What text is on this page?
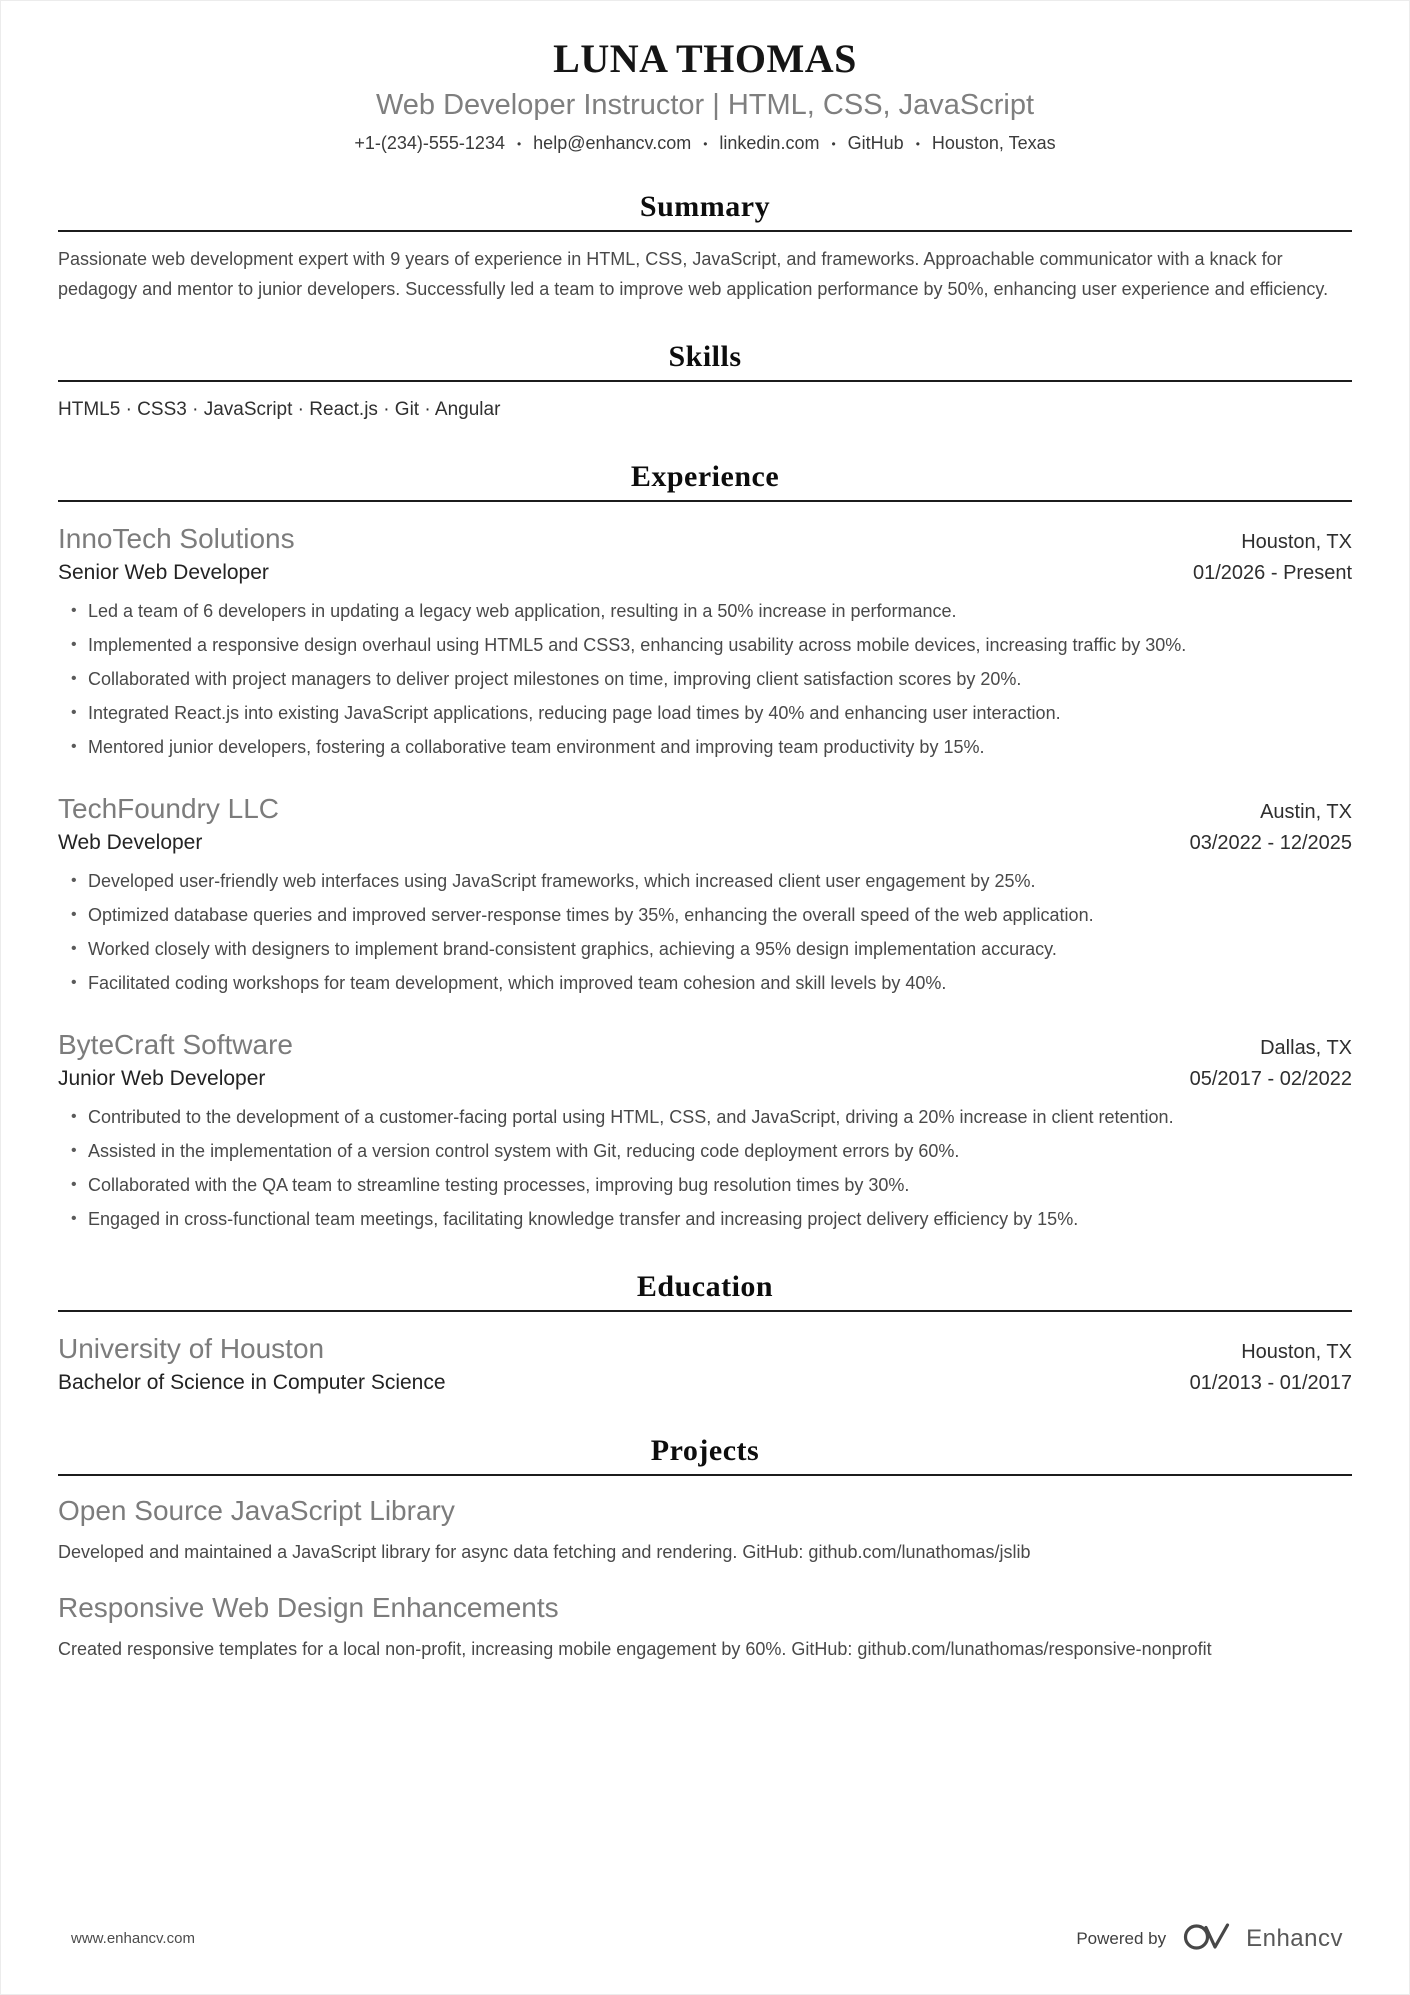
LUNA THOMAS
Web Developer Instructor | HTML, CSS, JavaScript
+1-(234)-555-1234 • help@enhancv.com • linkedin.com • GitHub • Houston, Texas
Summary

Passionate web development expert with 9 years of experience in HTML, CSS, JavaScript, and frameworks. Approachable communicator with a knack for pedagogy and mentor to junior developers. Successfully led a team to improve web application performance by 50%, enhancing user experience and efficiency.

Skills

HTML5 · CSS3 · JavaScript · React.js · Git · Angular

Experience
InnoTech Solutions	Houston, TX
Senior Web Developer	01/2026 - Present
• Led a team of 6 developers in updating a legacy web application, resulting in a 50% increase in performance.
• Implemented a responsive design overhaul using HTML5 and CSS3, enhancing usability across mobile devices, increasing traffic by 30%.
• Collaborated with project managers to deliver project milestones on time, improving client satisfaction scores by 20%.
• Integrated React.js into existing JavaScript applications, reducing page load times by 40% and enhancing user interaction.
• Mentored junior developers, fostering a collaborative team environment and improving team productivity by 15%.
TechFoundry LLC	Austin, TX
Web Developer	03/2022 - 12/2025
• Developed user-friendly web interfaces using JavaScript frameworks, which increased client user engagement by 25%.
• Optimized database queries and improved server-response times by 35%, enhancing the overall speed of the web application.
• Worked closely with designers to implement brand-consistent graphics, achieving a 95% design implementation accuracy.
• Facilitated coding workshops for team development, which improved team cohesion and skill levels by 40%.
ByteCraft Software	Dallas, TX
Junior Web Developer	05/2017 - 02/2022
• Contributed to the development of a customer-facing portal using HTML, CSS, and JavaScript, driving a 20% increase in client retention.
• Assisted in the implementation of a version control system with Git, reducing code deployment errors by 60%.
• Collaborated with the QA team to streamline testing processes, improving bug resolution times by 30%.
• Engaged in cross-functional team meetings, facilitating knowledge transfer and increasing project delivery efficiency by 15%.
Education
University of Houston	Houston, TX
Bachelor of Science in Computer Science	01/2013 - 01/2017
Projects
Open Source JavaScript Library

Developed and maintained a JavaScript library for async data fetching and rendering. GitHub: github.com/lunathomas/jslib

Responsive Web Design Enhancements

Created responsive templates for a local non-profit, increasing mobile engagement by 60%. GitHub: github.com/lunathomas/responsive-nonprofit

www.enhancv.com	Powered by	Enhancv
